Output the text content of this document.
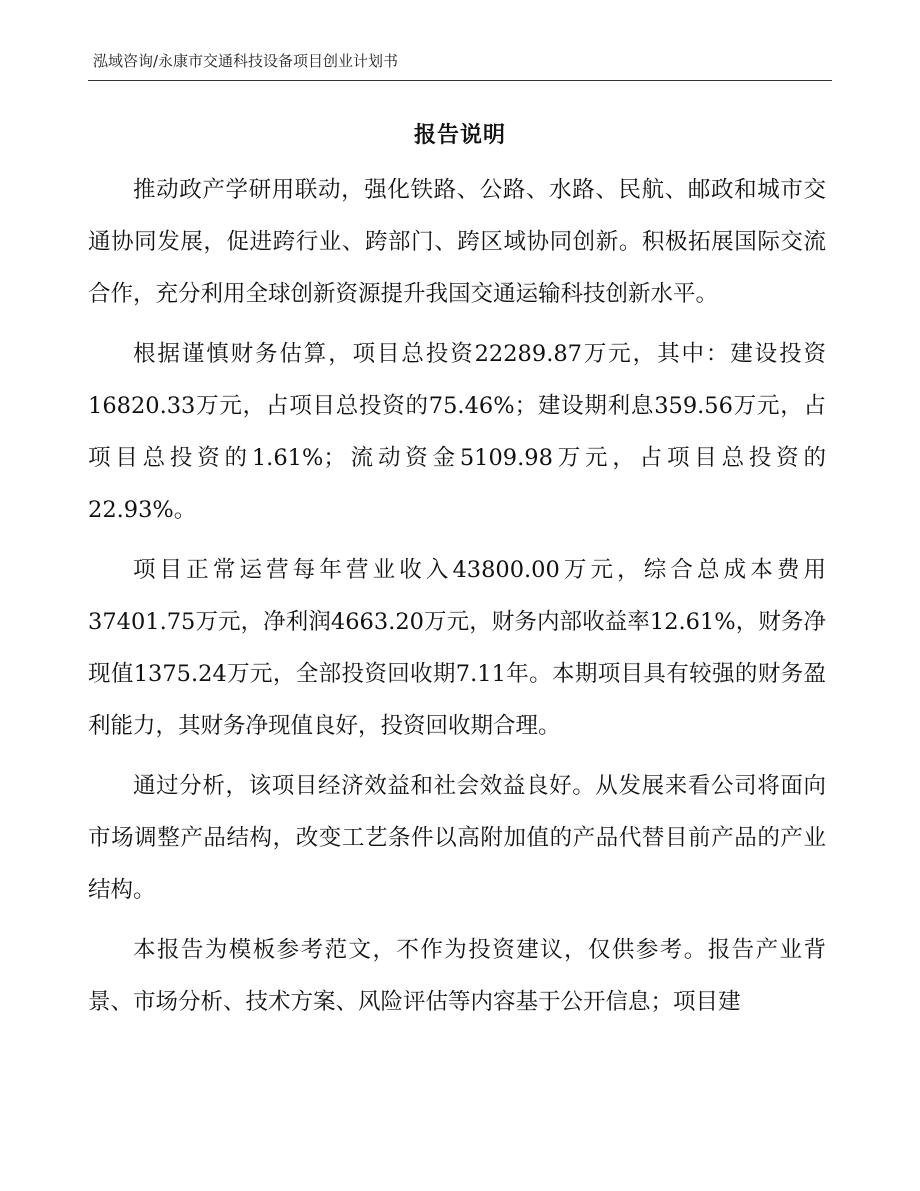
泓域咨询/永康市交通科技设备项目创业计划书
报告说明

推动政产学研用联动，强化铁路、公路、水路、民航、邮政和城市交通协同发展，促进跨行业、跨部门、跨区域协同创新。积极拓展国际交流合作，充分利用全球创新资源提升我国交通运输科技创新水平。

根据谨慎财务估算，项目总投资22289.87万元，其中：建设投资16820.33万元，占项目总投资的75.46%；建设期利息359.56万元，占项目总投资的1.61%；流动资金5109.98万元，占项目总投资的22.93%。

项目正常运营每年营业收入43800.00万元，综合总成本费用37401.75万元，净利润4663.20万元，财务内部收益率12.61%，财务净现值1375.24万元，全部投资回收期7.11年。本期项目具有较强的财务盈利能力，其财务净现值良好，投资回收期合理。

通过分析，该项目经济效益和社会效益良好。从发展来看公司将面向市场调整产品结构，改变工艺条件以高附加值的产品代替目前产品的产业结构。

本报告为模板参考范文，不作为投资建议，仅供参考。报告产业背景、市场分析、技术方案、风险评估等内容基于公开信息；项目建
